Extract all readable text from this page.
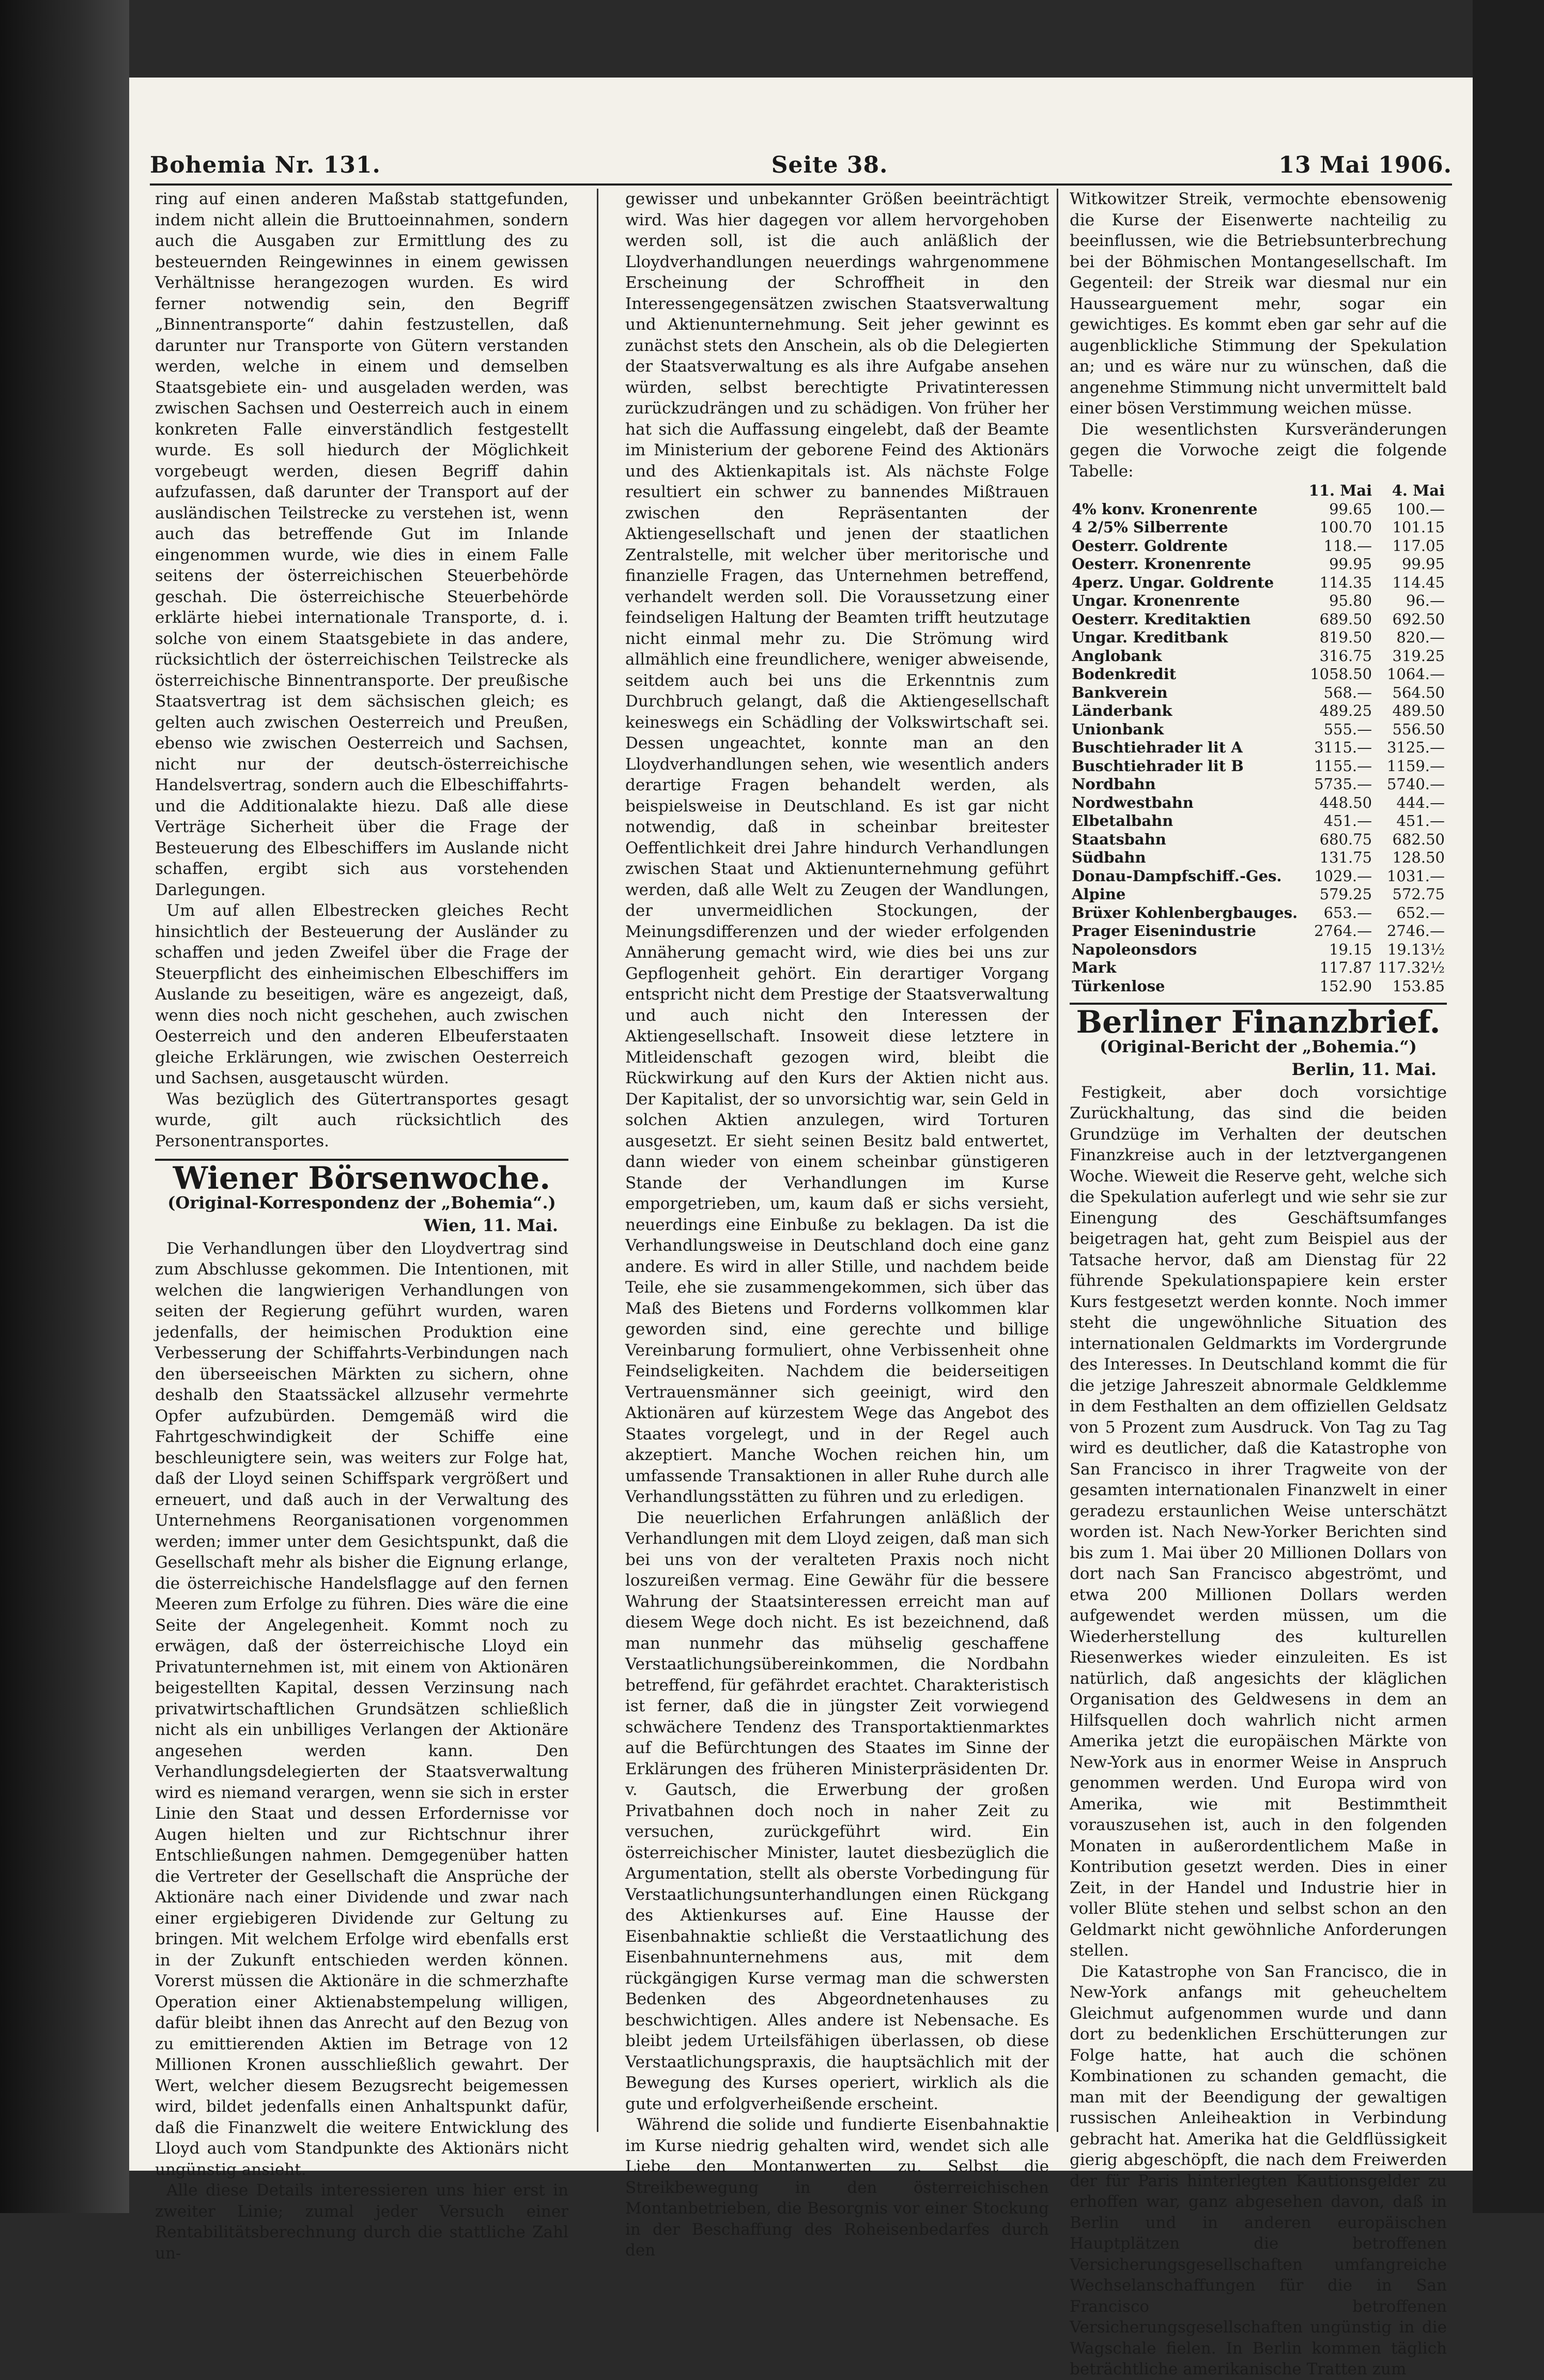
Bohemia Nr. 131.	Seite 38.	13 Mai 1906.

ring auf einen anderen Maßstab stattgefunden, indem nicht allein die Bruttoeinnahmen, sondern auch die Ausgaben zur Ermittlung des zu besteuernden Reingewinnes in einem gewissen Verhältnisse herangezogen wurden. Es wird ferner notwendig sein, den Begriff „Binnentransporte“ dahin festzustellen, daß darunter nur Transporte von Gütern verstanden werden, welche in einem und demselben Staatsgebiete ein- und ausgeladen werden, was zwischen Sachsen und Oesterreich auch in einem konkreten Falle einverständlich festgestellt wurde. Es soll hiedurch der Möglichkeit vorgebeugt werden, diesen Begriff dahin aufzufassen, daß darunter der Transport auf der ausländischen Teilstrecke zu verstehen ist, wenn auch das betreffende Gut im Inlande eingenommen wurde, wie dies in einem Falle seitens der österreichischen Steuerbehörde geschah. Die österreichische Steuerbehörde erklärte hiebei internationale Transporte, d. i. solche von einem Staatsgebiete in das andere, rücksichtlich der österreichischen Teilstrecke als österreichische Binnentransporte. Der preußische Staatsvertrag ist dem sächsischen gleich; es gelten auch zwischen Oesterreich und Preußen, ebenso wie zwischen Oesterreich und Sachsen, nicht nur der deutsch-österreichische Handelsvertrag, sondern auch die Elbeschiffahrts- und die Additionalakte hiezu. Daß alle diese Verträge Sicherheit über die Frage der Besteuerung des Elbeschiffers im Auslande nicht schaffen, ergibt sich aus vorstehenden Darlegungen.

Um auf allen Elbestrecken gleiches Recht hinsichtlich der Besteuerung der Ausländer zu schaffen und jeden Zweifel über die Frage der Steuerpflicht des einheimischen Elbeschiffers im Auslande zu beseitigen, wäre es angezeigt, daß, wenn dies noch nicht geschehen, auch zwischen Oesterreich und den anderen Elbeuferstaaten gleiche Erklärungen, wie zwischen Oesterreich und Sachsen, ausgetauscht würden.

Was bezüglich des Gütertransportes gesagt wurde, gilt auch rücksichtlich des Personentransportes.

Wiener Börsenwoche.
(Original-Korrespondenz der „Bohemia“.)
Wien, 11. Mai.

Die Verhandlungen über den Lloydvertrag sind zum Abschlusse gekommen. Die Intentionen, mit welchen die langwierigen Verhandlungen von seiten der Regierung geführt wurden, waren jedenfalls, der heimischen Produktion eine Verbesserung der Schiffahrts-Verbindungen nach den überseeischen Märkten zu sichern, ohne deshalb den Staatssäckel allzusehr vermehrte Opfer aufzubürden. Demgemäß wird die Fahrtgeschwindigkeit der Schiffe eine beschleunigtere sein, was weiters zur Folge hat, daß der Lloyd seinen Schiffspark vergrößert und erneuert, und daß auch in der Verwaltung des Unternehmens Reorganisationen vorgenommen werden; immer unter dem Gesichtspunkt, daß die Gesellschaft mehr als bisher die Eignung erlange, die österreichische Handelsflagge auf den fernen Meeren zum Erfolge zu führen. Dies wäre die eine Seite der Angelegenheit. Kommt noch zu erwägen, daß der österreichische Lloyd ein Privatunternehmen ist, mit einem von Aktionären beigestellten Kapital, dessen Verzinsung nach privatwirtschaftlichen Grundsätzen schließlich nicht als ein unbilliges Verlangen der Aktionäre angesehen werden kann. Den Verhandlungsdelegierten der Staatsverwaltung wird es niemand verargen, wenn sie sich in erster Linie den Staat und dessen Erfordernisse vor Augen hielten und zur Richtschnur ihrer Entschließungen nahmen. Demgegenüber hatten die Vertreter der Gesellschaft die Ansprüche der Aktionäre nach einer Dividende und zwar nach einer ergiebigeren Dividende zur Geltung zu bringen. Mit welchem Erfolge wird ebenfalls erst in der Zukunft entschieden werden können. Vorerst müssen die Aktionäre in die schmerzhafte Operation einer Aktienabstempelung willigen, dafür bleibt ihnen das Anrecht auf den Bezug von zu emittierenden Aktien im Betrage von 12 Millionen Kronen ausschließlich gewahrt. Der Wert, welcher diesem Bezugsrecht beigemessen wird, bildet jedenfalls einen Anhaltspunkt dafür, daß die Finanzwelt die weitere Entwicklung des Lloyd auch vom Standpunkte des Aktionärs nicht ungünstig ansieht.

Alle diese Details interessieren uns hier erst in zweiter Linie; zumal jeder Versuch einer Rentabilitätsberechnung durch die stattliche Zahl un-

gewisser und unbekannter Größen beeinträchtigt wird. Was hier dagegen vor allem hervorgehoben werden soll, ist die auch anläßlich der Lloydverhandlungen neuerdings wahrgenommene Erscheinung der Schroffheit in den Interessengegensätzen zwischen Staatsverwaltung und Aktienunternehmung. Seit jeher gewinnt es zunächst stets den Anschein, als ob die Delegierten der Staatsverwaltung es als ihre Aufgabe ansehen würden, selbst berechtigte Privatinteressen zurückzudrängen und zu schädigen. Von früher her hat sich die Auffassung eingelebt, daß der Beamte im Ministerium der geborene Feind des Aktionärs und des Aktienkapitals ist. Als nächste Folge resultiert ein schwer zu bannendes Mißtrauen zwischen den Repräsentanten der Aktiengesellschaft und jenen der staatlichen Zentralstelle, mit welcher über meritorische und finanzielle Fragen, das Unternehmen betreffend, verhandelt werden soll. Die Voraussetzung einer feindseligen Haltung der Beamten trifft heutzutage nicht einmal mehr zu. Die Strömung wird allmählich eine freundlichere, weniger abweisende, seitdem auch bei uns die Erkenntnis zum Durchbruch gelangt, daß die Aktiengesellschaft keineswegs ein Schädling der Volkswirtschaft sei. Dessen ungeachtet, konnte man an den Lloydverhandlungen sehen, wie wesentlich anders derartige Fragen behandelt werden, als beispielsweise in Deutschland. Es ist gar nicht notwendig, daß in scheinbar breitester Oeffentlichkeit drei Jahre hindurch Verhandlungen zwischen Staat und Aktienunternehmung geführt werden, daß alle Welt zu Zeugen der Wandlungen, der unvermeidlichen Stockungen, der Meinungsdifferenzen und der wieder erfolgenden Annäherung gemacht wird, wie dies bei uns zur Gepflogenheit gehört. Ein derartiger Vorgang entspricht nicht dem Prestige der Staatsverwaltung und auch nicht den Interessen der Aktiengesellschaft. Insoweit diese letztere in Mitleidenschaft gezogen wird, bleibt die Rückwirkung auf den Kurs der Aktien nicht aus. Der Kapitalist, der so unvorsichtig war, sein Geld in solchen Aktien anzulegen, wird Torturen ausgesetzt. Er sieht seinen Besitz bald entwertet, dann wieder von einem scheinbar günstigeren Stande der Verhandlungen im Kurse emporgetrieben, um, kaum daß er sichs versieht, neuerdings eine Einbuße zu beklagen. Da ist die Verhandlungsweise in Deutschland doch eine ganz andere. Es wird in aller Stille, und nachdem beide Teile, ehe sie zusammengekommen, sich über das Maß des Bietens und Forderns vollkommen klar geworden sind, eine gerechte und billige Vereinbarung formuliert, ohne Verbissenheit ohne Feindseligkeiten. Nachdem die beiderseitigen Vertrauensmänner sich geeinigt, wird den Aktionären auf kürzestem Wege das Angebot des Staates vorgelegt, und in der Regel auch akzeptiert. Manche Wochen reichen hin, um umfassende Transaktionen in aller Ruhe durch alle Verhandlungsstätten zu führen und zu erledigen.

Die neuerlichen Erfahrungen anläßlich der Verhandlungen mit dem Lloyd zeigen, daß man sich bei uns von der veralteten Praxis noch nicht loszureißen vermag. Eine Gewähr für die bessere Wahrung der Staatsinteressen erreicht man auf diesem Wege doch nicht. Es ist bezeichnend, daß man nunmehr das mühselig geschaffene Verstaatlichungsübereinkommen, die Nordbahn betreffend, für gefährdet erachtet. Charakteristisch ist ferner, daß die in jüngster Zeit vorwiegend schwächere Tendenz des Transportaktienmarktes auf die Befürchtungen des Staates im Sinne der Erklärungen des früheren Ministerpräsidenten Dr. v. Gautsch, die Erwerbung der großen Privatbahnen doch noch in naher Zeit zu versuchen, zurückgeführt wird. Ein österreichischer Minister, lautet diesbezüglich die Argumentation, stellt als oberste Vorbedingung für Verstaatlichungsunterhandlungen einen Rückgang des Aktienkurses auf. Eine Hausse der Eisenbahnaktie schließt die Verstaatlichung des Eisenbahnunternehmens aus, mit dem rückgängigen Kurse vermag man die schwersten Bedenken des Abgeordnetenhauses zu beschwichtigen. Alles andere ist Nebensache. Es bleibt jedem Urteilsfähigen überlassen, ob diese Verstaatlichungspraxis, die hauptsächlich mit der Bewegung des Kurses operiert, wirklich als die gute und erfolgverheißende erscheint.

Während die solide und fundierte Eisenbahnaktie im Kurse niedrig gehalten wird, wendet sich alle Liebe den Montanwerten zu. Selbst die Streikbewegung in den österreichischen Montanbetrieben, die Besorgnis vor einer Stockung in der Beschaffung des Roheisenbedarfes durch den

Witkowitzer Streik, vermochte ebensowenig die Kurse der Eisenwerte nachteilig zu beeinflussen, wie die Betriebsunterbrechung bei der Böhmischen Montangesellschaft. Im Gegenteil: der Streik war diesmal nur ein Haussearguement mehr, sogar ein gewichtiges. Es kommt eben gar sehr auf die augenblickliche Stimmung der Spekulation an; und es wäre nur zu wünschen, daß die angenehme Stimmung nicht unvermittelt bald einer bösen Verstimmung weichen müsse.

Die wesentlichsten Kursveränderungen gegen die Vorwoche zeigt die folgende Tabelle:

	11. Mai	4. Mai
4% konv. Kronenrente	99.65	100.—
4 2/5% Silberrente	100.70	101.15
Oesterr. Goldrente	118.—	117.05
Oesterr. Kronenrente	99.95	99.95
4perz. Ungar. Goldrente	114.35	114.45
Ungar. Kronenrente	95.80	96.—
Oesterr. Kreditaktien	689.50	692.50
Ungar. Kreditbank	819.50	820.—
Anglobank	316.75	319.25
Bodenkredit	1058.50	1064.—
Bankverein	568.—	564.50
Länderbank	489.25	489.50
Unionbank	555.—	556.50
Buschtiehrader lit A	3115.—	3125.—
Buschtiehrader lit B	1155.—	1159.—
Nordbahn	5735.—	5740.—
Nordwestbahn	448.50	444.—
Elbetalbahn	451.—	451.—
Staatsbahn	680.75	682.50
Südbahn	131.75	128.50
Donau-Dampfschiff.-Ges.	1029.—	1031.—
Alpine	579.25	572.75
Brüxer Kohlenbergbauges.	653.—	652.—
Prager Eisenindustrie	2764.—	2746.—
Napoleonsdors	19.15	19.13½
Mark	117.87	117.32½
Türkenlose	152.90	153.85
Berliner Finanzbrief.
(Original-Bericht der „Bohemia.“)
Berlin, 11. Mai.

Festigkeit, aber doch vorsichtige Zurückhaltung, das sind die beiden Grundzüge im Verhalten der deutschen Finanzkreise auch in der letztvergangenen Woche. Wieweit die Reserve geht, welche sich die Spekulation auferlegt und wie sehr sie zur Einengung des Geschäftsumfanges beigetragen hat, geht zum Beispiel aus der Tatsache hervor, daß am Dienstag für 22 führende Spekulationspapiere kein erster Kurs festgesetzt werden konnte. Noch immer steht die ungewöhnliche Situation des internationalen Geldmarkts im Vordergrunde des Interesses. In Deutschland kommt die für die jetzige Jahreszeit abnormale Geldklemme in dem Festhalten an dem offiziellen Geldsatz von 5 Prozent zum Ausdruck. Von Tag zu Tag wird es deutlicher, daß die Katastrophe von San Francisco in ihrer Tragweite von der gesamten internationalen Finanzwelt in einer geradezu erstaunlichen Weise unterschätzt worden ist. Nach New-Yorker Berichten sind bis zum 1. Mai über 20 Millionen Dollars von dort nach San Francisco abgeströmt, und etwa 200 Millionen Dollars werden aufgewendet werden müssen, um die Wiederherstellung des kulturellen Riesenwerkes wieder einzuleiten. Es ist natürlich, daß angesichts der kläglichen Organisation des Geldwesens in dem an Hilfsquellen doch wahrlich nicht armen Amerika jetzt die europäischen Märkte von New-York aus in enormer Weise in Anspruch genommen werden. Und Europa wird von Amerika, wie mit Bestimmtheit vorauszusehen ist, auch in den folgenden Monaten in außerordentlichem Maße in Kontribution gesetzt werden. Dies in einer Zeit, in der Handel und Industrie hier in voller Blüte stehen und selbst schon an den Geldmarkt nicht gewöhnliche Anforderungen stellen.

Die Katastrophe von San Francisco, die in New-York anfangs mit geheucheltem Gleichmut aufgenommen wurde und dann dort zu bedenklichen Erschütterungen zur Folge hatte, hat auch die schönen Kombinationen zu schanden gemacht, die man mit der Beendigung der gewaltigen russischen Anleiheaktion in Verbindung gebracht hat. Amerika hat die Geldflüssigkeit gierig abgeschöpft, die nach dem Freiwerden der für Paris hinterlegten Kautionsgelder zu erhoffen war, ganz abgesehen davon, daß in Berlin und in anderen europäischen Hauptplätzen die betroffenen Versicherungsgesellschaften umfangreiche Wechselanschaffungen für die in San Francisco betroffenen Versicherungsgesellschaften ungünstig in die Wagschale fielen. In Berlin kommen täglich beträchtliche amerikanische Tratten zum
